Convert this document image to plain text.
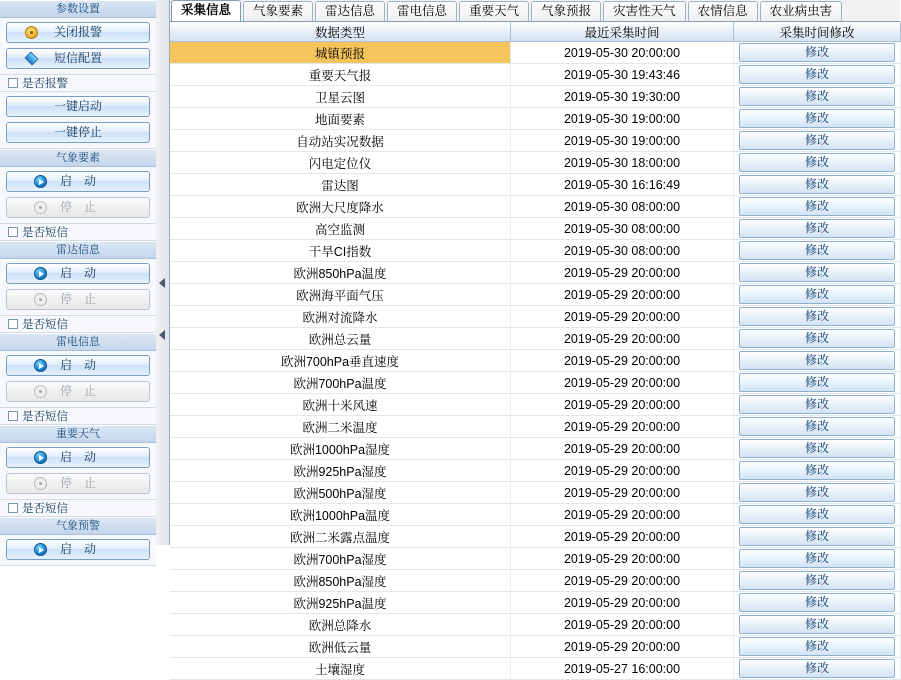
参数设置
关闭报警
短信配置
是否报警
一键启动
一键停止
气象要素
启　动
停　止
是否短信
雷达信息
启　动
停　止
是否短信
雷电信息
启　动
停　止
是否短信
重要天气
启　动
停　止
是否短信
气象预警
启　动
采集信息	气象要素	雷达信息	雷电信息	重要天气	气象预报	灾害性天气	农情信息	农业病虫害
数据类型	最近采集时间	采集时间修改
城镇预报	2019-05-30 20:00:00	修改

重要天气报	2019-05-30 19:43:46	修改

卫星云图	2019-05-30 19:30:00	修改

地面要素	2019-05-30 19:00:00	修改

自动站实况数据	2019-05-30 19:00:00	修改

闪电定位仪	2019-05-30 18:00:00	修改

雷达图	2019-05-30 16:16:49	修改

欧洲大尺度降水	2019-05-30 08:00:00	修改

高空监测	2019-05-30 08:00:00	修改

干旱CI指数	2019-05-30 08:00:00	修改

欧洲850hPa温度	2019-05-29 20:00:00	修改

欧洲海平面气压	2019-05-29 20:00:00	修改

欧洲对流降水	2019-05-29 20:00:00	修改

欧洲总云量	2019-05-29 20:00:00	修改

欧洲700hPa垂直速度	2019-05-29 20:00:00	修改

欧洲700hPa温度	2019-05-29 20:00:00	修改

欧洲十米风速	2019-05-29 20:00:00	修改

欧洲二米温度	2019-05-29 20:00:00	修改

欧洲1000hPa湿度	2019-05-29 20:00:00	修改

欧洲925hPa湿度	2019-05-29 20:00:00	修改

欧洲500hPa湿度	2019-05-29 20:00:00	修改

欧洲1000hPa温度	2019-05-29 20:00:00	修改

欧洲二米露点温度	2019-05-29 20:00:00	修改

欧洲700hPa湿度	2019-05-29 20:00:00	修改

欧洲850hPa湿度	2019-05-29 20:00:00	修改

欧洲925hPa温度	2019-05-29 20:00:00	修改

欧洲总降水	2019-05-29 20:00:00	修改

欧洲低云量	2019-05-29 20:00:00	修改

土壤湿度	2019-05-27 16:00:00	修改
